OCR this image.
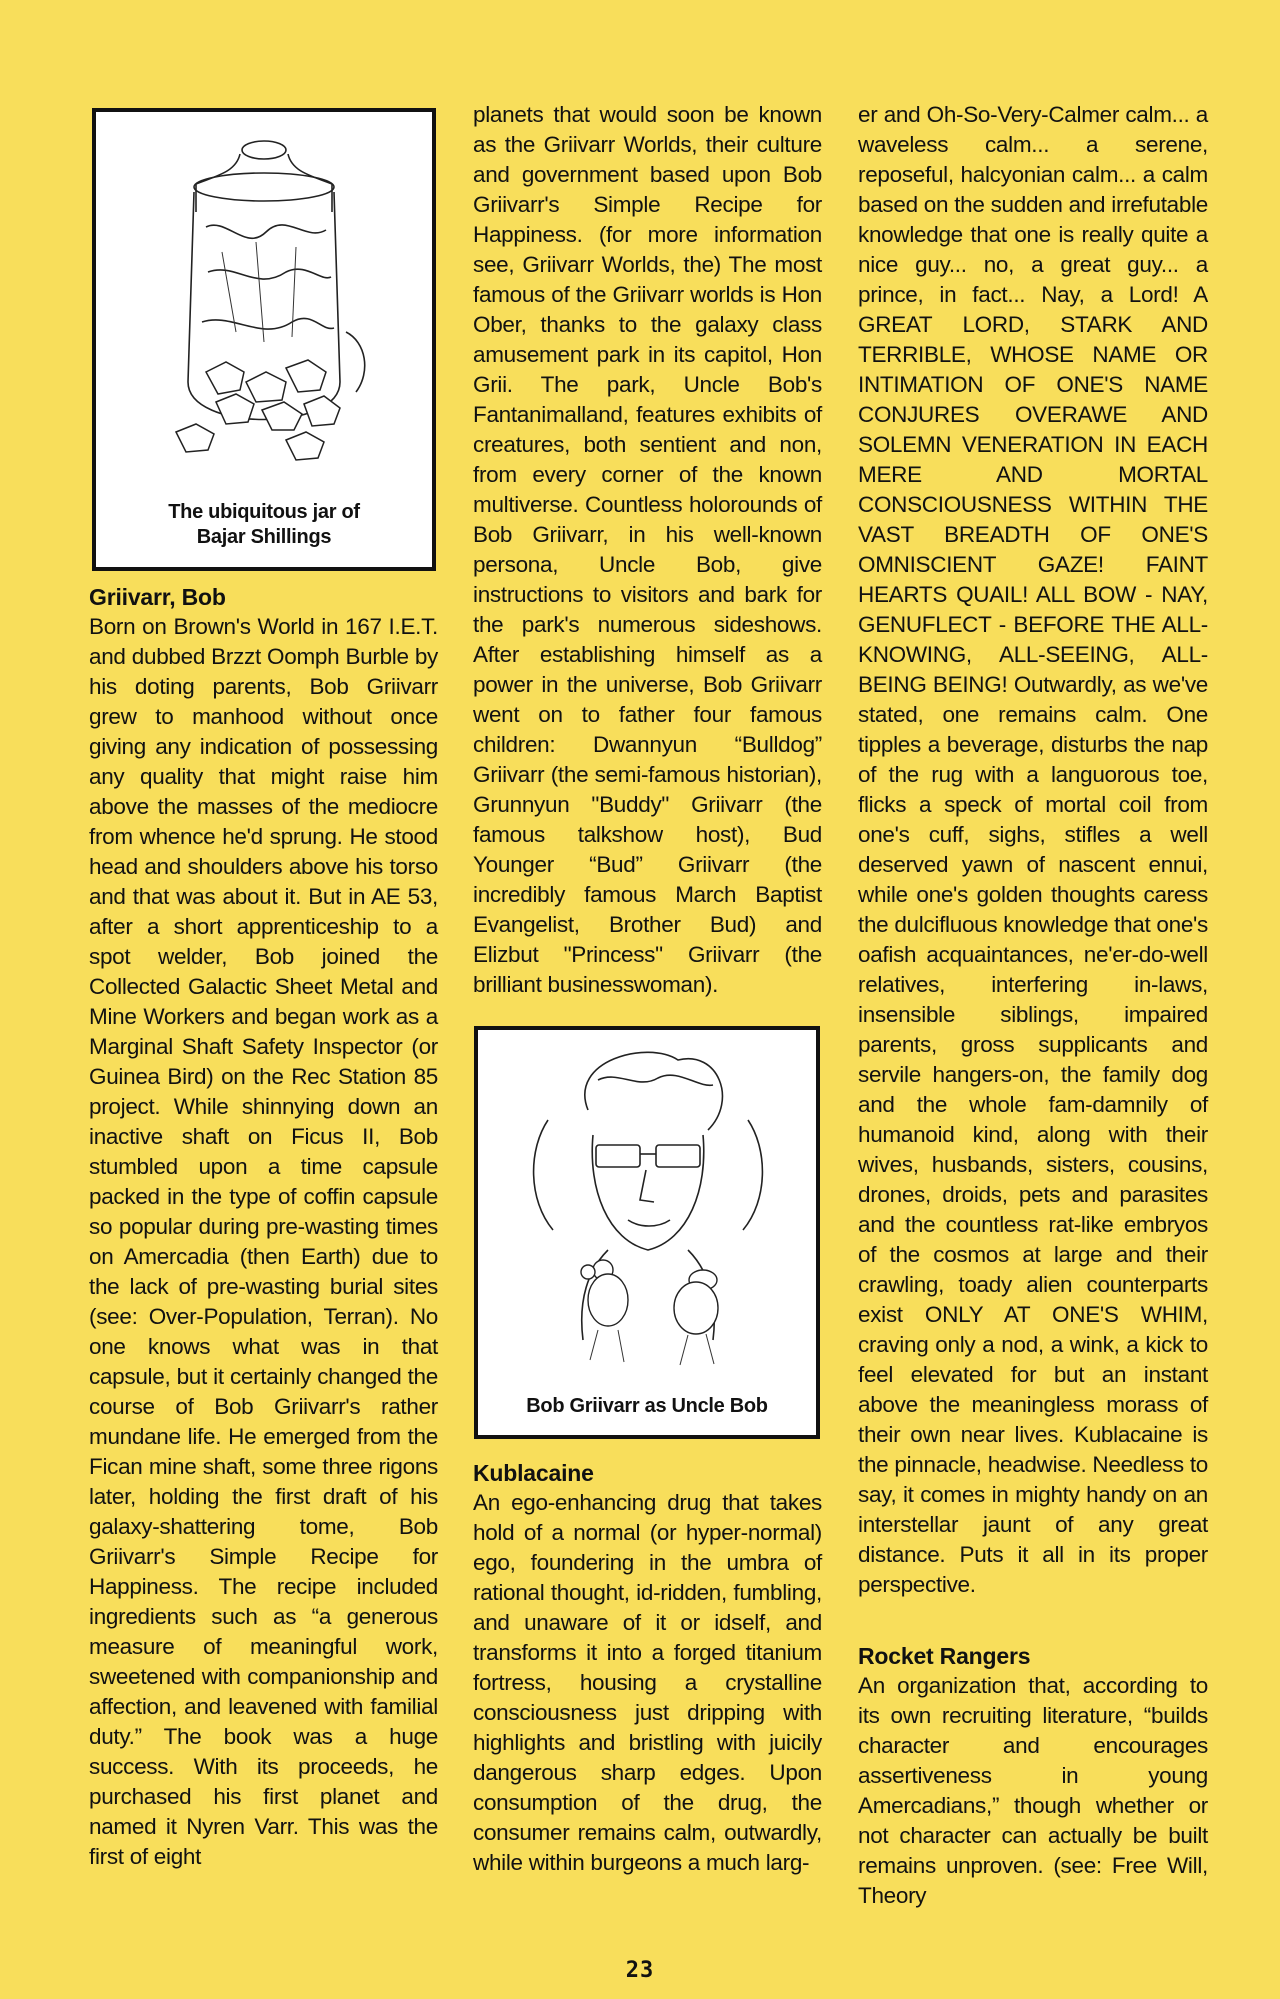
The ubiquitous jar of
Bajar Shillings
Griivarr, Bob
Born on Brown's World in 167 I.E.T. and dubbed Brzzt Oomph Burble by his doting parents, Bob Griivarr grew to manhood without once giving any indication of possessing any quality that might raise him above the masses of the mediocre from whence he'd sprung. He stood head and shoulders above his torso and that was about it. But in AE 53, after a short apprenticeship to a spot welder, Bob joined the Collected Galactic Sheet Metal and Mine Workers and began work as a Marginal Shaft Safety Inspector (or Guinea Bird) on the Rec Station 85 project. While shinnying down an inactive shaft on Ficus II, Bob stumbled upon a time capsule packed in the type of coffin capsule so popular during pre-wasting times on Amercadia (then Earth) due to the lack of pre-wasting burial sites (see: Over-Population, Terran). No one knows what was in that capsule, but it certainly changed the course of Bob Griivarr's rather mundane life. He emerged from the Fican mine shaft, some three rigons later, holding the first draft of his galaxy-shattering tome, Bob Griivarr's Simple Recipe for Happiness. The recipe included ingredients such as “a generous measure of meaningful work, sweetened with companionship and affection, and leavened with familial duty.” The book was a huge success. With its proceeds, he purchased his first planet and named it Nyren Varr. This was the first of eight
planets that would soon be known as the Griivarr Worlds, their culture and government based upon Bob Griivarr's Simple Recipe for Happiness. (for more information see, Griivarr Worlds, the) The most famous of the Griivarr worlds is Hon Ober, thanks to the galaxy class amusement park in its capitol, Hon Grii. The park, Uncle Bob's Fantanimalland, features exhibits of creatures, both sentient and non, from every corner of the known multiverse. Countless holorounds of Bob Griivarr, in his well-known persona, Uncle Bob, give instructions to visitors and bark for the park's numerous sideshows. After establishing himself as a power in the universe, Bob Griivarr went on to father four famous children: Dwannyun “Bulldog” Griivarr (the semi-famous historian), Grunnyun "Buddy" Griivarr (the famous talkshow host), Bud Younger “Bud” Griivarr (the incredibly famous March Baptist Evangelist, Brother Bud) and Elizbut "Princess" Griivarr (the brilliant businesswoman).
Bob Griivarr as Uncle Bob
Kublacaine
An ego-enhancing drug that takes hold of a normal (or hyper-normal) ego, foundering in the umbra of rational thought, id-ridden, fumbling, and unaware of it or idself, and transforms it into a forged titanium fortress, housing a crystalline consciousness just dripping with highlights and bristling with juicily dangerous sharp edges. Upon consumption of the drug, the consumer remains calm, outwardly, while within burgeons a much larg-
er and Oh-So-Very-Calmer calm... a waveless calm... a serene, reposeful, halcyonian calm... a calm based on the sudden and irrefutable knowledge that one is really quite a nice guy... no, a great guy... a prince, in fact... Nay, a Lord! A GREAT LORD, STARK AND TERRIBLE, WHOSE NAME OR INTIMATION OF ONE'S NAME CONJURES OVERAWE AND SOLEMN VENERATION IN EACH MERE AND MORTAL CONSCIOUSNESS WITHIN THE VAST BREADTH OF ONE'S OMNISCIENT GAZE! FAINT HEARTS QUAIL! ALL BOW - NAY, GENUFLECT - BEFORE THE ALL-KNOWING, ALL-SEEING, ALL-BEING BEING! Outwardly, as we've stated, one remains calm. One tipples a beverage, disturbs the nap of the rug with a languorous toe, flicks a speck of mortal coil from one's cuff, sighs, stifles a well deserved yawn of nascent ennui, while one's golden thoughts caress the dulcifluous knowledge that one's oafish acquaintances, ne'er-do-well relatives, interfering in-laws, insensible siblings, impaired parents, gross supplicants and servile hangers-on, the family dog and the whole fam-damnily of humanoid kind, along with their wives, husbands, sisters, cousins, drones, droids, pets and parasites and the countless rat-like embryos of the cosmos at large and their crawling, toady alien counterparts exist ONLY AT ONE'S WHIM, craving only a nod, a wink, a kick to feel elevated for but an instant above the meaningless morass of their own near lives. Kublacaine is the pinnacle, headwise. Needless to say, it comes in mighty handy on an interstellar jaunt of any great distance. Puts it all in its proper perspective.
Rocket Rangers
An organization that, according to its own recruiting literature, “builds character and encourages assertiveness in young Amercadians,” though whether or not character can actually be built remains unproven. (see: Free Will, Theory
23
